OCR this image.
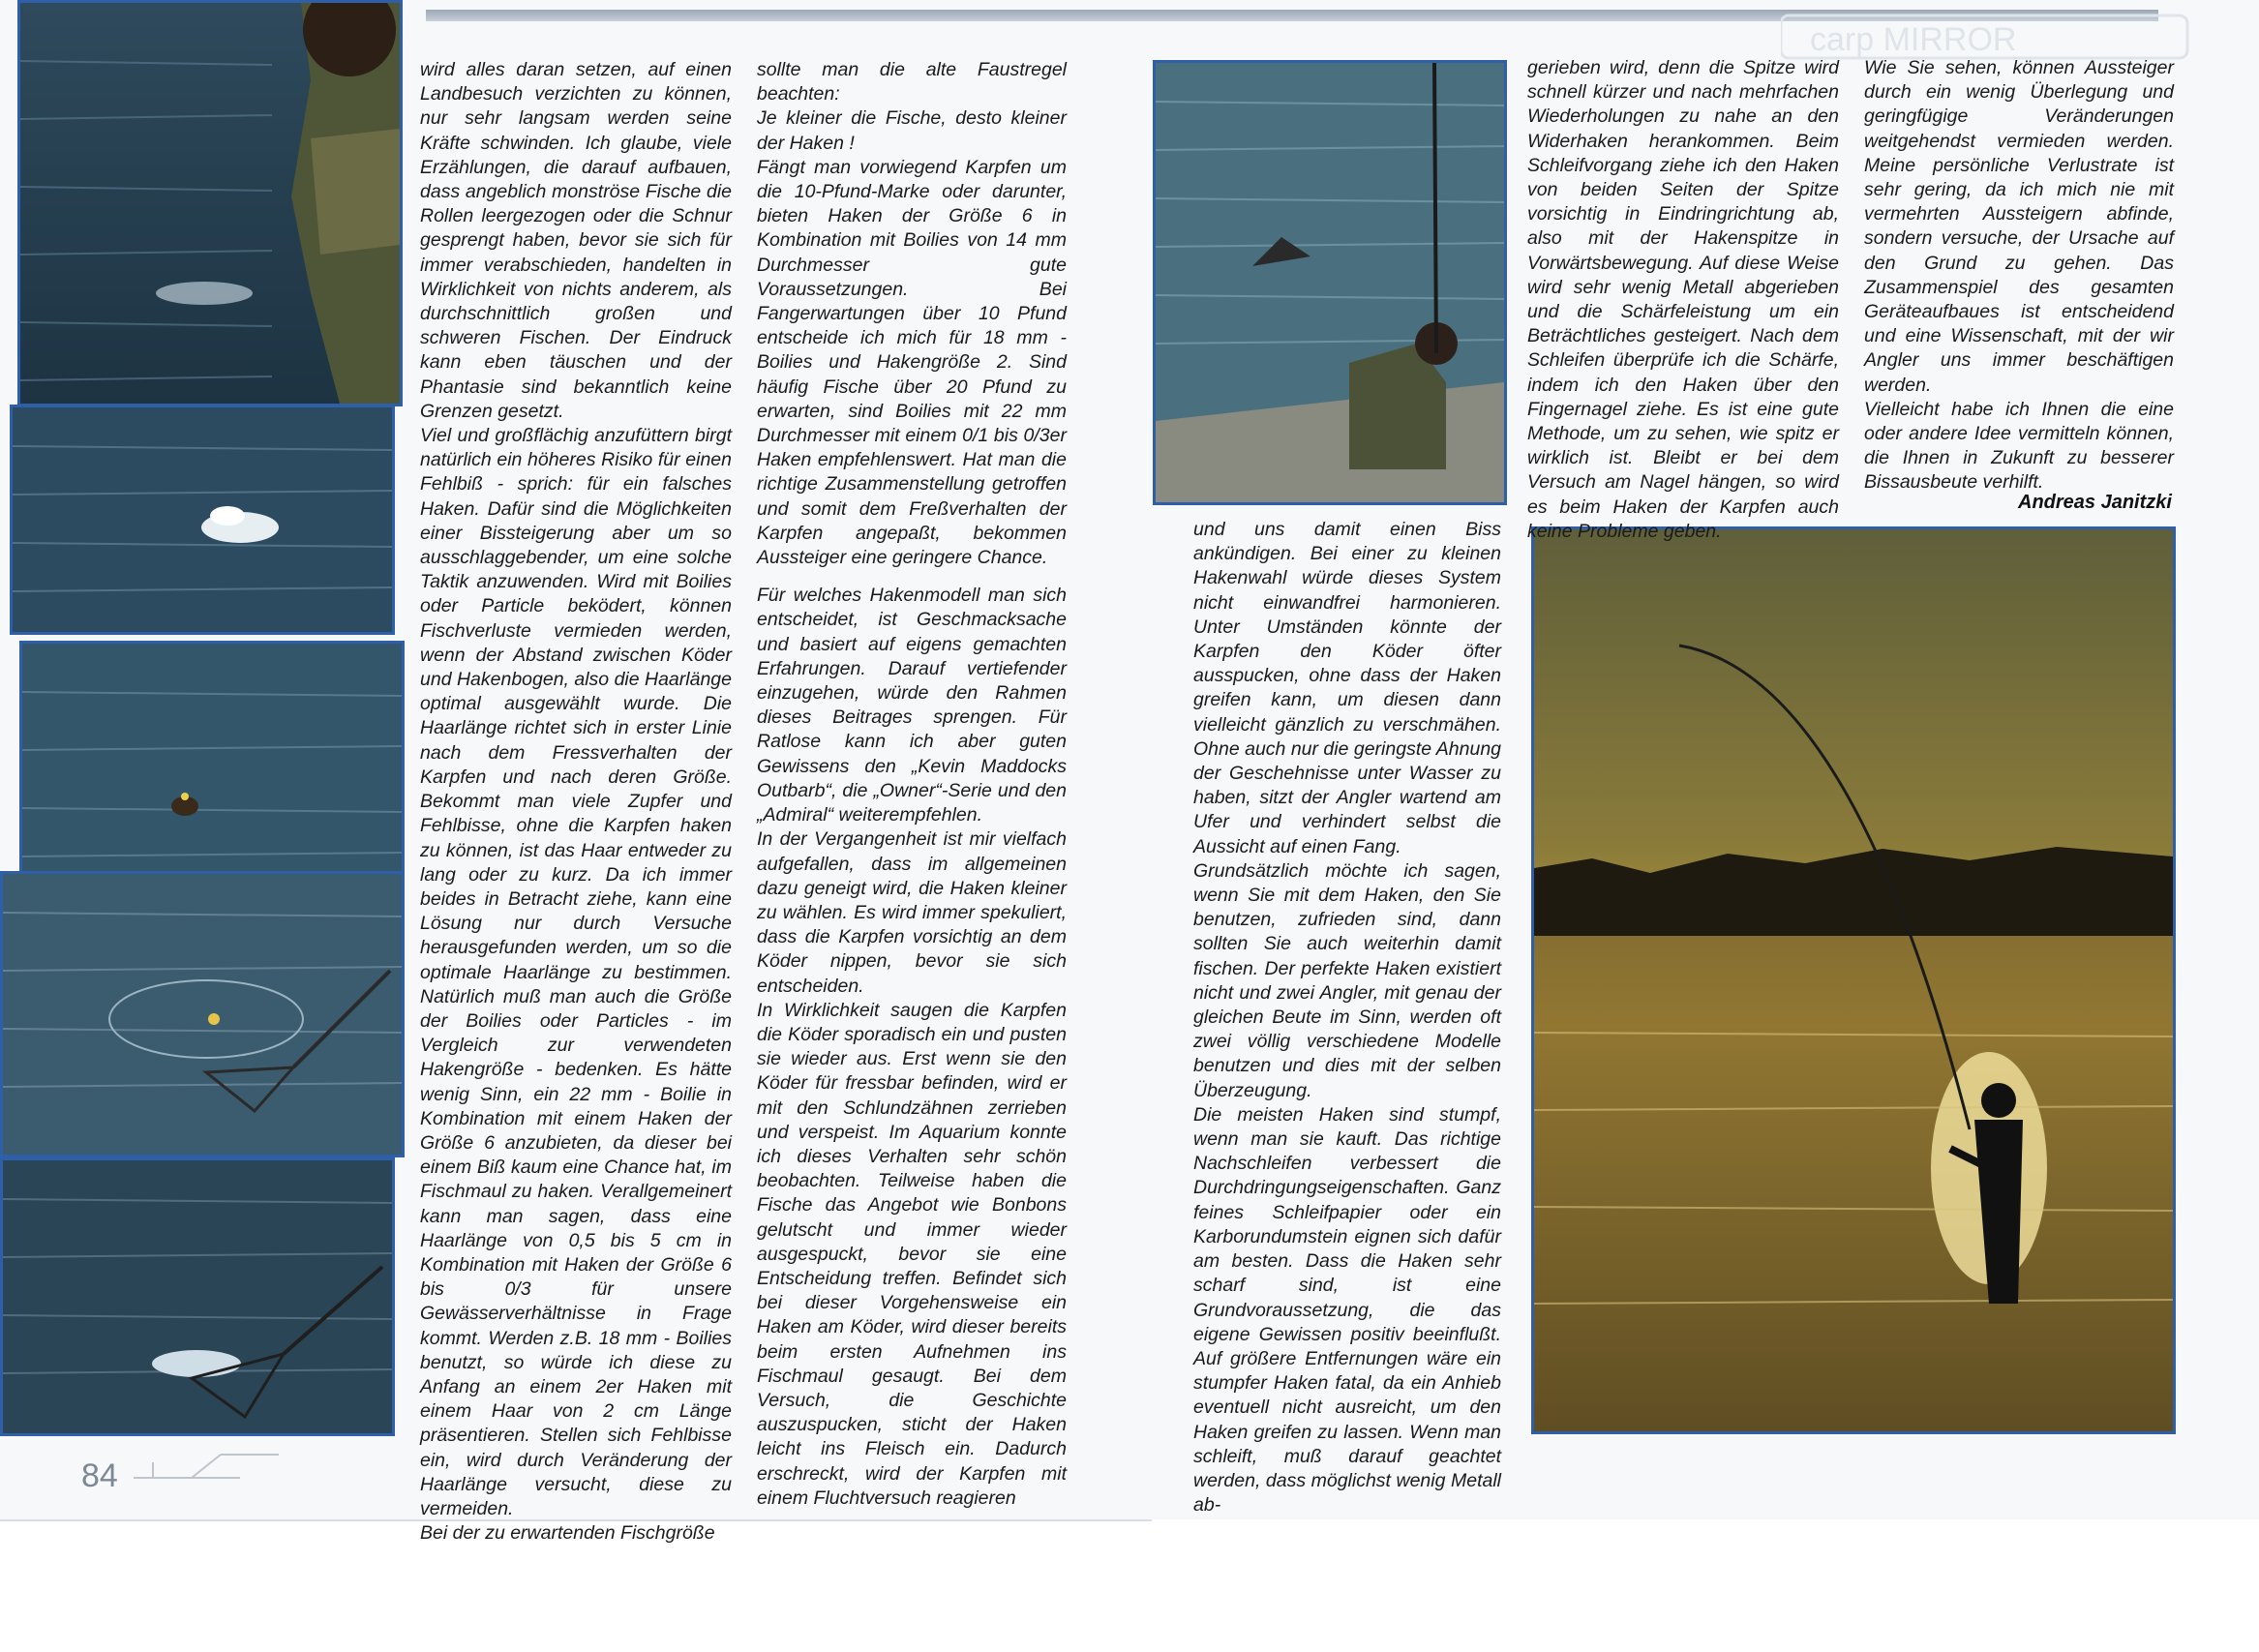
carp MIRROR

wird alles daran setzen, auf einen Landbesuch verzichten zu können, nur sehr langsam werden seine Kräfte schwinden. Ich glaube, viele Erzählungen, die darauf aufbauen, dass angeblich monströse Fische die Rollen leergezogen oder die Schnur gesprengt haben, bevor sie sich für immer verabschieden, handelten in Wirklichkeit von nichts anderem, als durchschnittlich großen und schweren Fischen. Der Eindruck kann eben täuschen und der Phantasie sind bekanntlich keine Grenzen gesetzt.

Viel und großflächig anzufüttern birgt natürlich ein höheres Risiko für einen Fehlbiß - sprich: für ein falsches Haken. Dafür sind die Möglichkeiten einer Bissteigerung aber um so ausschlaggebender, um eine solche Taktik anzuwenden. Wird mit Boilies oder Particle beködert, können Fischverluste vermieden werden, wenn der Abstand zwischen Köder und Hakenbogen, also die Haarlänge optimal ausgewählt wurde. Die Haarlänge richtet sich in erster Linie nach dem Fressverhalten der Karpfen und nach deren Größe. Bekommt man viele Zupfer und Fehlbisse, ohne die Karpfen haken zu können, ist das Haar entweder zu lang oder zu kurz. Da ich immer beides in Betracht ziehe, kann eine Lösung nur durch Versuche herausgefunden werden, um so die optimale Haarlänge zu bestimmen. Natürlich muß man auch die Größe der Boilies oder Particles - im Vergleich zur verwendeten Hakengröße - bedenken. Es hätte wenig Sinn, ein 22 mm - Boilie in Kombination mit einem Haken der Größe 6 anzubieten, da dieser bei einem Biß kaum eine Chance hat, im Fischmaul zu haken. Verallgemeinert kann man sagen, dass eine Haarlänge von 0,5 bis 5 cm in Kombination mit Haken der Größe 6 bis 0/3 für unsere Gewässerverhältnisse in Frage kommt. Werden z.B. 18 mm - Boilies benutzt, so würde ich diese zu Anfang an einem 2er Haken mit einem Haar von 2 cm Länge präsentieren. Stellen sich Fehlbisse ein, wird durch Veränderung der Haarlänge versucht, diese zu vermeiden.

Bei der zu erwartenden Fischgröße

sollte man die alte Faustregel beachten:

Je kleiner die Fische, desto kleiner der Haken !

Fängt man vorwiegend Karpfen um die 10-Pfund-Marke oder darunter, bieten Haken der Größe 6 in Kombination mit Boilies von 14 mm Durchmesser gute Voraussetzungen. Bei Fangerwartungen über 10 Pfund entscheide ich mich für 18 mm - Boilies und Hakengröße 2. Sind häufig Fische über 20 Pfund zu erwarten, sind Boilies mit 22 mm Durchmesser mit einem 0/1 bis 0/3er Haken empfehlenswert. Hat man die richtige Zusammenstellung getroffen und somit dem Freßverhalten der Karpfen angepaßt, bekommen Aussteiger eine geringere Chance.

Für welches Hakenmodell man sich entscheidet, ist Geschmacksache und basiert auf eigens gemachten Erfahrungen. Darauf vertiefender einzugehen, würde den Rahmen dieses Beitrages sprengen. Für Ratlose kann ich aber guten Gewissens den „Kevin Maddocks Outbarb“, die „Owner“-Serie und den „Admiral“ weiterempfehlen.

In der Vergangenheit ist mir vielfach aufgefallen, dass im allgemeinen dazu geneigt wird, die Haken kleiner zu wählen. Es wird immer spekuliert, dass die Karpfen vorsichtig an dem Köder nippen, bevor sie sich entscheiden.

In Wirklichkeit saugen die Karpfen die Köder sporadisch ein und pusten sie wieder aus. Erst wenn sie den Köder für fressbar befinden, wird er mit den Schlundzähnen zerrieben und verspeist. Im Aquarium konnte ich dieses Verhalten sehr schön beobachten. Teilweise haben die Fische das Angebot wie Bonbons gelutscht und immer wieder ausgespuckt, bevor sie eine Entscheidung treffen. Befindet sich bei dieser Vorgehensweise ein Haken am Köder, wird dieser bereits beim ersten Aufnehmen ins Fischmaul gesaugt. Bei dem Versuch, die Geschichte auszuspucken, sticht der Haken leicht ins Fleisch ein. Dadurch erschreckt, wird der Karpfen mit einem Fluchtversuch reagieren

und uns damit einen Biss ankündigen. Bei einer zu kleinen Hakenwahl würde dieses System nicht einwandfrei harmonieren. Unter Umständen könnte der Karpfen den Köder öfter ausspucken, ohne dass der Haken greifen kann, um diesen dann vielleicht gänzlich zu verschmähen. Ohne auch nur die geringste Ahnung der Geschehnisse unter Wasser zu haben, sitzt der Angler wartend am Ufer und verhindert selbst die Aussicht auf einen Fang.

Grundsätzlich möchte ich sagen, wenn Sie mit dem Haken, den Sie benutzen, zufrieden sind, dann sollten Sie auch weiterhin damit fischen. Der perfekte Haken existiert nicht und zwei Angler, mit genau der gleichen Beute im Sinn, werden oft zwei völlig verschiedene Modelle benutzen und dies mit der selben Überzeugung.

Die meisten Haken sind stumpf, wenn man sie kauft. Das richtige Nachschleifen verbessert die Durchdringungseigenschaften. Ganz feines Schleifpapier oder ein Karborundumstein eignen sich dafür am besten. Dass die Haken sehr scharf sind, ist eine Grundvoraussetzung, die das eigene Gewissen positiv beeinflußt. Auf größere Entfernungen wäre ein stumpfer Haken fatal, da ein Anhieb eventuell nicht ausreicht, um den Haken greifen zu lassen. Wenn man schleift, muß darauf geachtet werden, dass möglichst wenig Metall ab-

gerieben wird, denn die Spitze wird schnell kürzer und nach mehrfachen Wiederholungen zu nahe an den Widerhaken herankommen. Beim Schleifvorgang ziehe ich den Haken von beiden Seiten der Spitze vorsichtig in Eindringrichtung ab, also mit der Hakenspitze in Vorwärtsbewegung. Auf diese Weise wird sehr wenig Metall abgerieben und die Schärfeleistung um ein Beträchtliches gesteigert. Nach dem Schleifen überprüfe ich die Schärfe, indem ich den Haken über den Fingernagel ziehe. Es ist eine gute Methode, um zu sehen, wie spitz er wirklich ist. Bleibt er bei dem Versuch am Nagel hängen, so wird es beim Haken der Karpfen auch keine Probleme geben.

Wie Sie sehen, können Aussteiger durch ein wenig Überlegung und geringfügige Veränderungen weitgehendst vermieden werden. Meine persönliche Verlustrate ist sehr gering, da ich mich nie mit vermehrten Aussteigern abfinde, sondern versuche, der Ursache auf den Grund zu gehen. Das Zusammenspiel des gesamten Geräteaufbaues ist entscheidend und eine Wissenschaft, mit der wir Angler uns immer beschäftigen werden.

Vielleicht habe ich Ihnen die eine oder andere Idee vermitteln können, die Ihnen in Zukunft zu besserer Bissausbeute verhilft.

Andreas Janitzki
84
